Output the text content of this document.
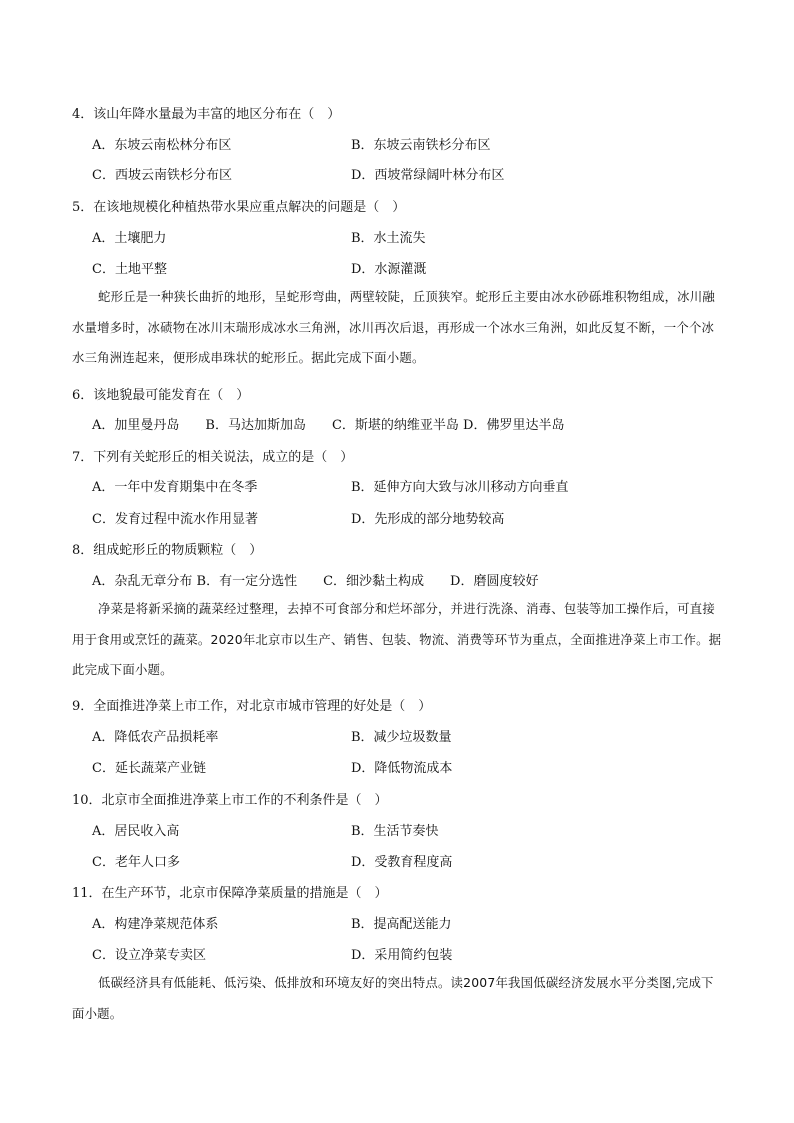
4．该山年降水量最为丰富的地区分布在（　）
A．东坡云南松林分布区	B．东坡云南铁杉分布区
C．西坡云南铁杉分布区	D．西坡常绿阔叶林分布区
5．在该地规模化种植热带水果应重点解决的问题是（　）
A．土壤肥力	B．水土流失
C．土地平整	D．水源灌溉
蛇形丘是一种狭长曲折的地形，呈蛇形弯曲，两壁较陡，丘顶狭窄。蛇形丘主要由冰水砂砾堆积物组成，冰川融水量增多时，冰碛物在冰川末瑞形成冰水三角洲，冰川再次后退，再形成一个冰水三角洲，如此反复不断，一个个冰水三角洲连起来，便形成串珠状的蛇形丘。据此完成下面小题。
6．该地貌最可能发育在（　）
A．加里曼丹岛　　B．马达加斯加岛　　C．斯堪的纳维亚半岛 D．佛罗里达半岛
7．下列有关蛇形丘的相关说法，成立的是（　）
A．一年中发育期集中在冬季	B．延伸方向大致与冰川移动方向垂直
C．发育过程中流水作用显著	D．先形成的部分地势较高
8．组成蛇形丘的物质颗粒（　）
A．杂乱无章分布 B．有一定分选性　　C．细沙黏土构成　　D．磨圆度较好
净菜是将新采摘的蔬菜经过整理，去掉不可食部分和烂坏部分，并进行洗涤、消毒、包装等加工操作后，可直接用于食用或烹饪的蔬菜。2020年北京市以生产、销售、包装、物流、消费等环节为重点，全面推进净菜上市工作。据此完成下面小题。
9．全面推进净菜上市工作，对北京市城市管理的好处是（　）
A．降低农产品损耗率	B．减少垃圾数量
C．延长蔬菜产业链	D．降低物流成本
10．北京市全面推进净菜上市工作的不利条件是（　）
A．居民收入高	B．生活节奏快
C．老年人口多	D．受教育程度高
11．在生产环节，北京市保障净菜质量的措施是（　）
A．构建净菜规范体系	B．提高配送能力
C．设立净菜专卖区	D．采用简约包装
低碳经济具有低能耗、低污染、低排放和环境友好的突出特点。读2007年我国低碳经济发展水平分类图,完成下面小题。
